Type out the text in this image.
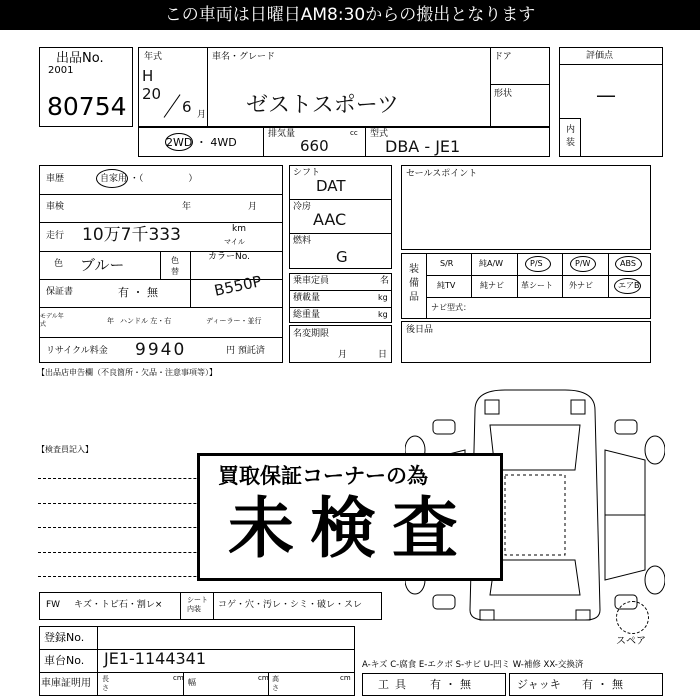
この車両は日曜日AM8:30からの搬出となります
出品No.
2001
80754
年式
H
20
6 月
車名・グレード
ゼストスポーツ
ドア
形状
2WD ・ 4WD
排気量	cc
660
型式
DBA - JE1
評価点
—
内装
車歴	自家用 ・（　　　　　）
車検	年	月
走行 10万7千333	km
マイル
色 ブルー	色替
カラーNo.
B550P
保証書	有 ・ 無
モデル年式	年 ハンドル 左・右	ディーラー・並行
リサイクル料金 9940	円 預託済
シフト
DAT
冷房
AAC
燃料
G
乗車定員	名
積載量	kg
総重量	kg
名変期限
月	日
セールスポイント
装備品
S/R	純A/W	P/S	P/W	ABS
純TV	純ナビ 革シート 外ナビ	エアB
ナビ型式：
後日品
【出品店申告欄（不良箇所・欠品・注意事項等）】
【検査員記入】
スペア
買取保証コーナーの為
未検査
FW キズ・トビ石・割レ×	シート内装	コゲ・穴・汚レ・シミ・破レ・スレ
登録No.
車台No. JE1-1144341
車庫証明用 長さ
cm 幅	cm 高さ
cm
A-キズ C-腐食 E-エクボ S-サビ U-凹ミ W-補修 XX-交換済
工具 有・無	ジャッキ 有・無
